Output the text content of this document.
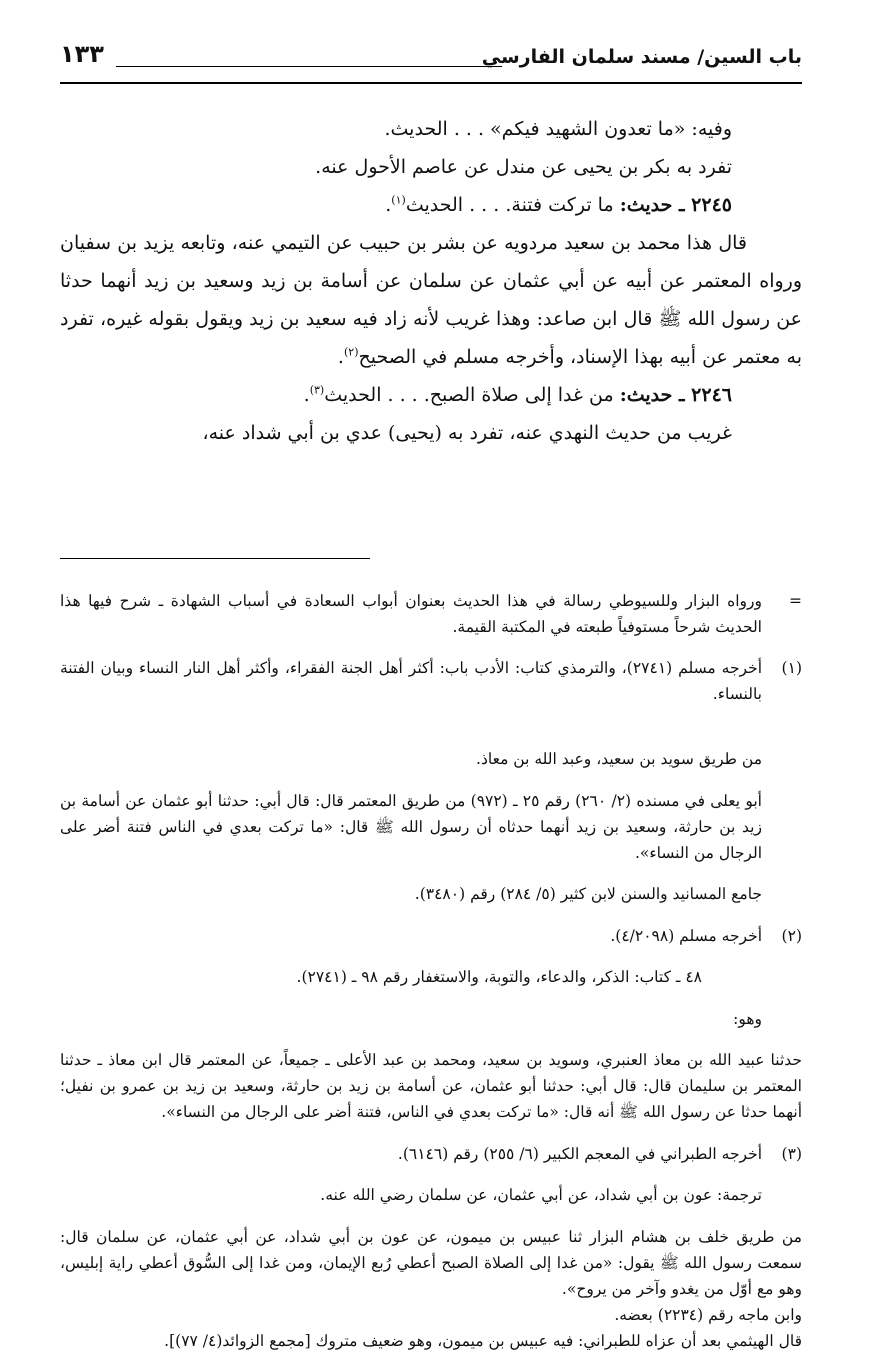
باب السين/ مسند سلمان الفارسي
١٣٣

وفيه: «ما تعدون الشهيد فيكم» . . . الحديث.

تفرد به بكر بن يحيى عن مندل عن عاصم الأحول عنه.

٢٢٤٥ ـ حديث: ما تركت فتنة. . . . الحديث$^{(١)}$.

قال هذا محمد بن سعيد مردويه عن بشر بن حبيب عن التيمي عنه، وتابعه يزيد بن سفيان ورواه المعتمر عن أبيه عن أبي عثمان عن سلمان عن أسامة بن زيد وسعيد بن زيد أنهما حدثا عن رسول الله ﷺ قال ابن صاعد: وهذا غريب لأنه زاد فيه سعيد بن زيد ويقول بقوله غيره، تفرد به معتمر عن أبيه بهذا الإسناد، وأخرجه مسلم في الصحيح$^{(٢)}$.

٢٢٤٦ ـ حديث: من غدا إلى صلاة الصبح. . . . الحديث$^{(٣)}$.

غريب من حديث النهدي عنه، تفرد به (يحيى) عدي بن أبي شداد عنه،

=

ورواه البزار وللسيوطي رسالة في هذا الحديث بعنوان أبواب السعادة في أسباب الشهادة ـ شرح فيها هذا الحديث شرحاً مستوفياً طبعته في المكتبة القيمة.

(١)

أخرجه مسلم (٢٧٤١)، والترمذي كتاب: الأدب باب: أكثر أهل الجنة الفقراء، وأكثر أهل النار النساء وبيان الفتنة بالنساء.

من طريق سويد بن سعيد، وعبد الله بن معاذ.

أبو يعلى في مسنده (٢/ ٢٦٠) رقم ٢٥ ـ (٩٧٢) من طريق المعتمر قال: قال أبي: حدثنا أبو عثمان عن أسامة بن زيد بن حارثة، وسعيد بن زيد أنهما حدثاه أن رسول الله ﷺ قال: «ما تركت بعدي في الناس فتنة أضر على الرجال من النساء».

جامع المسانيد والسنن لابن كثير (٥/ ٢٨٤) رقم (٣٤٨٠).

(٢)

أخرجه مسلم (٤/٢٠٩٨).

٤٨ ـ كتاب: الذكر، والدعاء، والتوبة، والاستغفار رقم ٩٨ ـ (٢٧٤١).

وهو:

حدثنا عبيد الله بن معاذ العنبري، وسويد بن سعيد، ومحمد بن عبد الأعلى ـ جميعاً، عن المعتمر قال ابن معاذ ـ حدثنا المعتمر بن سليمان قال: قال أبي: حدثنا أبو عثمان، عن أسامة بن زيد بن حارثة، وسعيد بن زيد بن عمرو بن نفيل؛ أنهما حدثا عن رسول الله ﷺ أنه قال: «ما تركت بعدي في الناس، فتنة أضر على الرجال من النساء».

(٣)

أخرجه الطبراني في المعجم الكبير (٦/ ٢٥٥) رقم (٦١٤٦).

ترجمة: عون بن أبي شداد، عن أبي عثمان، عن سلمان رضي الله عنه.

من طريق خلف بن هشام البزار ثنا عبيس بن ميمون، عن عون بن أبي شداد، عن أبي عثمان، عن سلمان قال: سمعت رسول الله ﷺ يقول: «من غدا إلى الصلاة الصبح أعطي رُبع الإيمان، ومن غدا إلى السُّوق أعطي راية إبليس، وهو مع أوّل من يغدو وآخر من يروح».

وابن ماجه رقم (٢٢٣٤) بعضه.

قال الهيثمي بعد أن عزاه للطبراني: فيه عبيس بن ميمون، وهو ضعيف متروك [مجمع الزوائد(٤/ ٧٧)].
